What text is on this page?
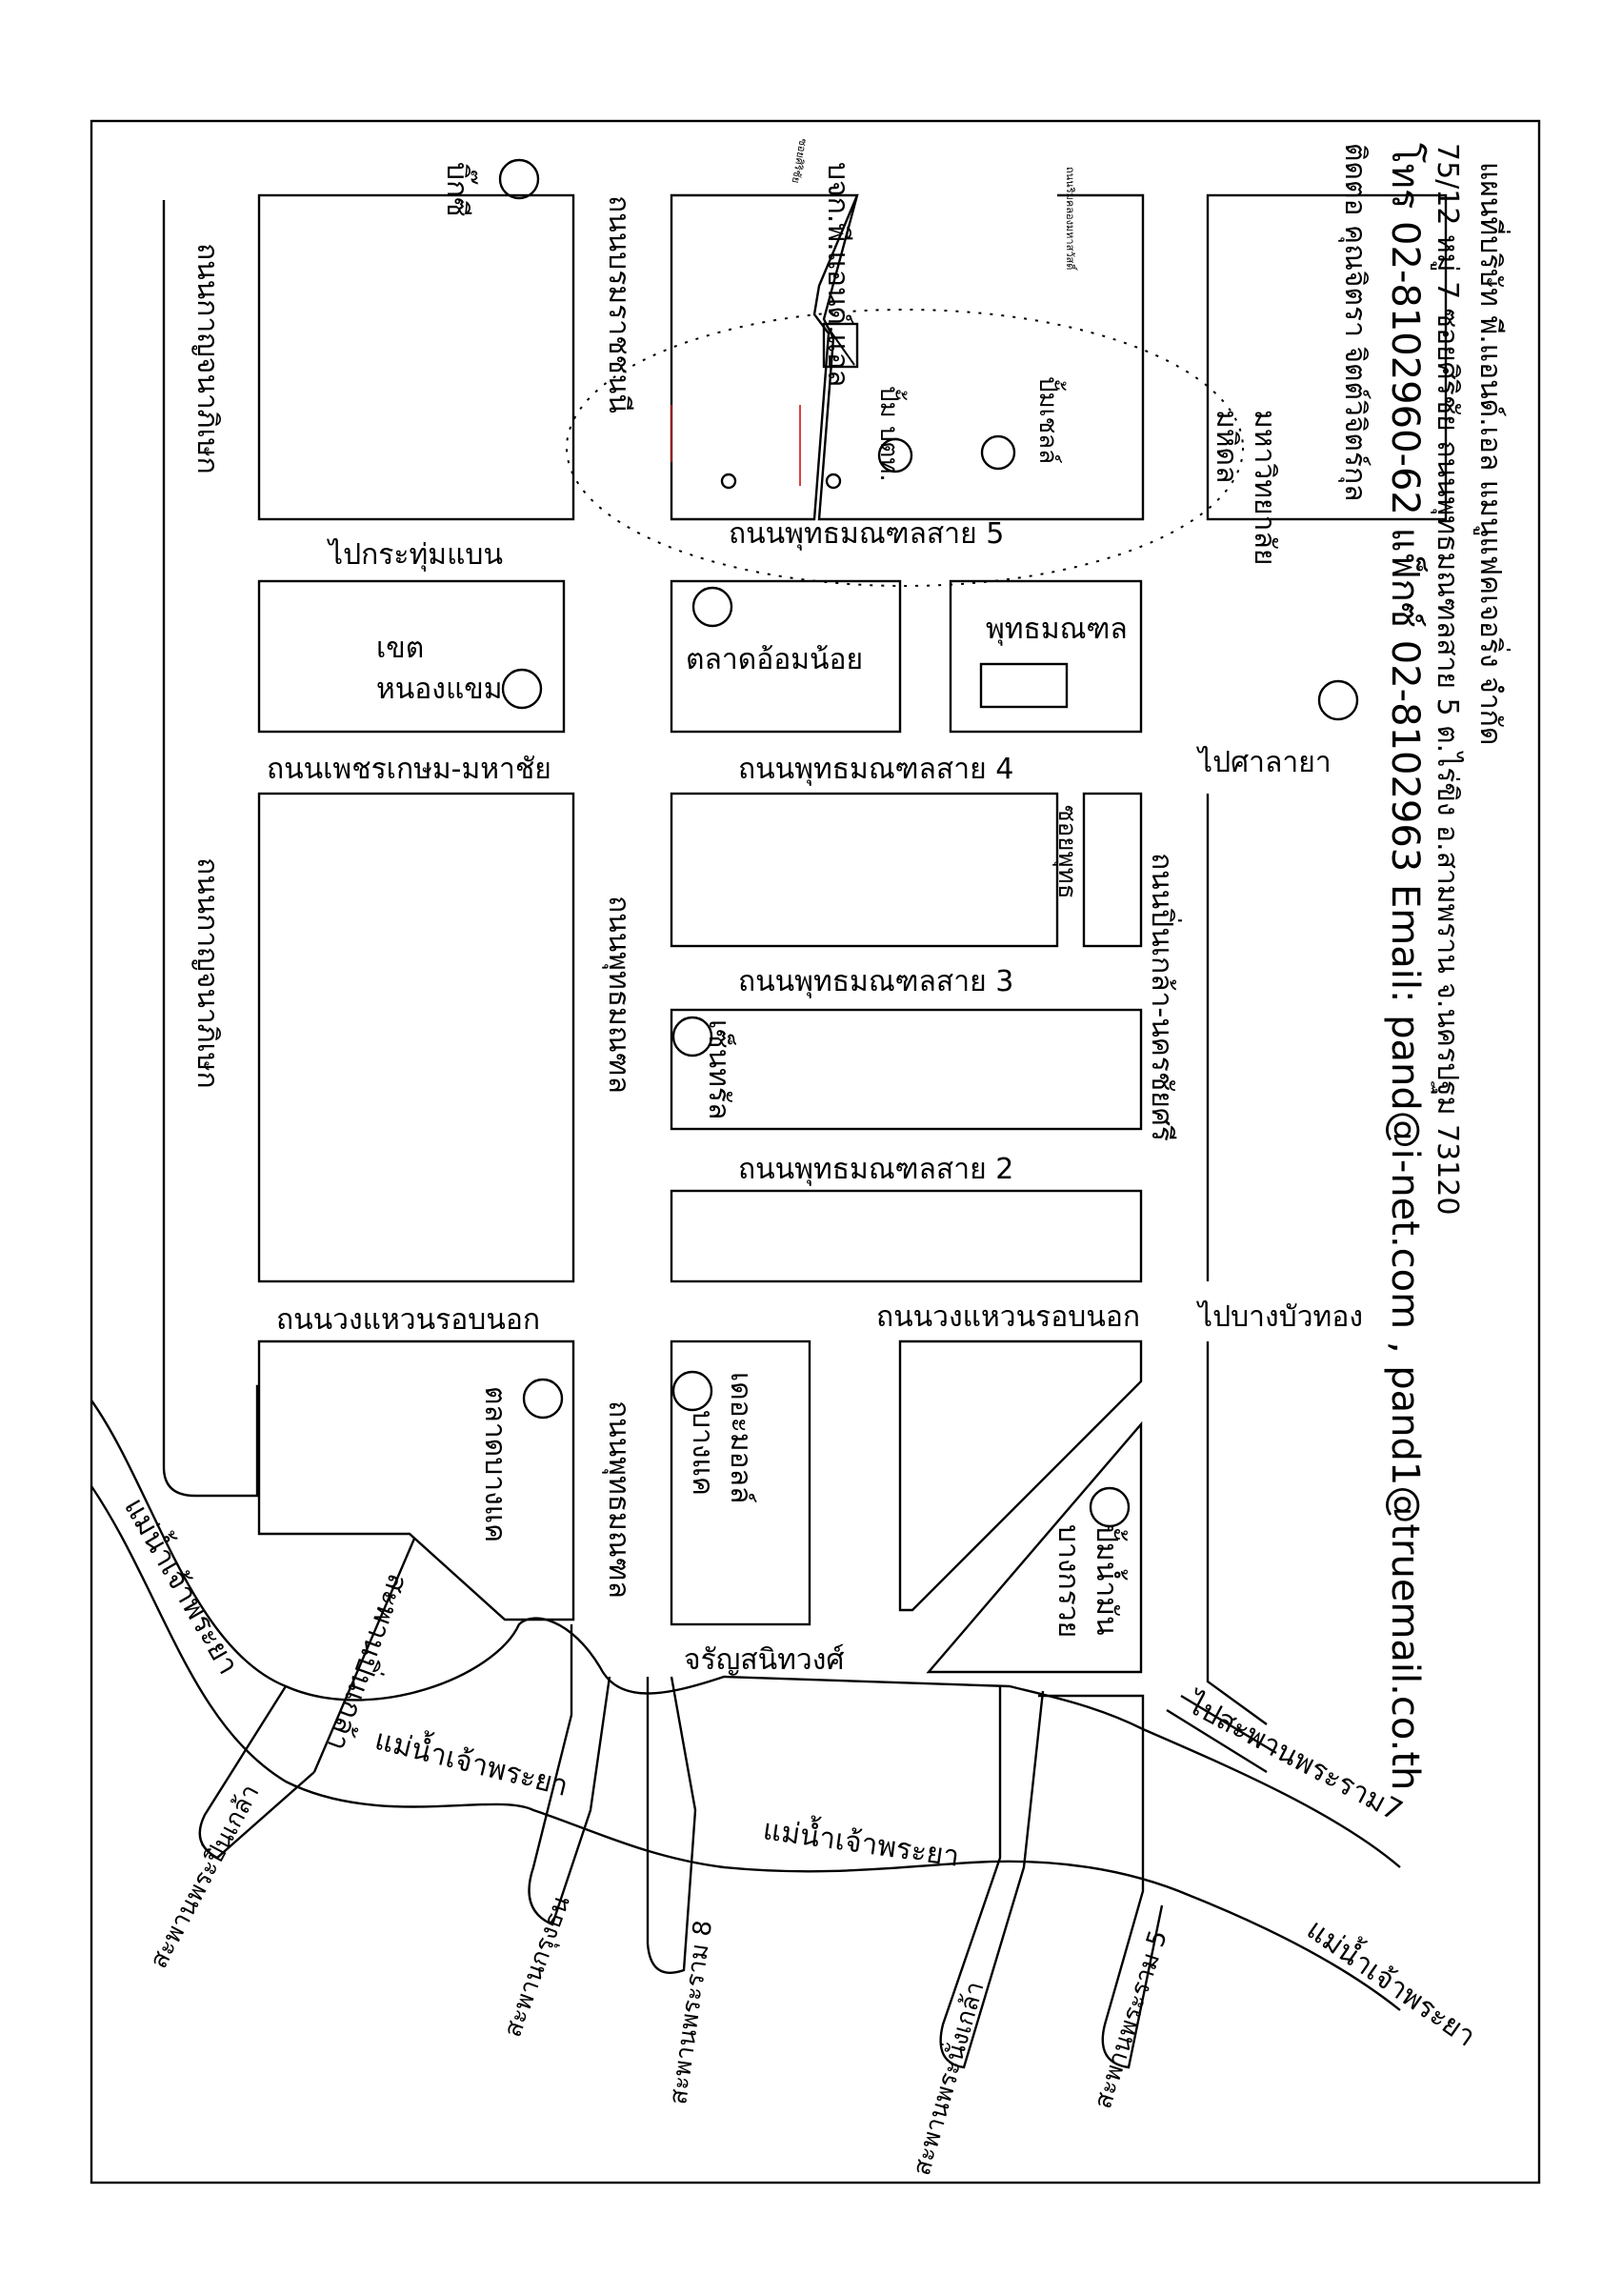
ถนนพุทธมณฑลสาย 5
ไปกระทุ่มแบน
ถนนเพชรเกษม-มหาชัย	ถนนพุทธมณฑลสาย 4	ไปศาลายา
ถนนพุทธมณฑลสาย 3
ถนนพุทธมณฑลสาย 2
ถนนวงแหวนรอบนอก	ถนนวงแหวนรอบนอก ไปบางบัวทอง
จรัญสนิทวงศ์
ตลาดอ้อมน้อย
พุทธมณฑล
เขต
หนองแขม
ไปสะพานพระราม7
แม่น้ำเจ้าพระยา
แม่น้ำเจ้าพระยา
แม่น้ำเจ้าพระยา
แม่น้ำเจ้าพระยา
ถนนกาญจนาภิเษก
ถนนกาญจนาภิเษก	ถนนพุทธมณฑล
ถนนพุทธมณฑล
ถนนบรมราชชนนี
ถนนปิ่นเกล้า-นครชัยศรี
บิ๊กซี
เซ็นทรัล
ตลาดบางแค	เดอะมอลล์
บางแค
สะพานปิ่นเกล้า	ปั้มน้ำมัน
บางกรวย
ซอยพุทธ
บจก.พี.แอนด์.แอล
มหาวิทยาลัย
มหิดล
ปั้ม ปตท.	ปั้มเชลล์
ซอยศิริชัย
ถนนริมคลองมหาสวัสดิ์
สะพานพระปิ่นเกล้า	สะพานกรุงธน	สะพานพระราม 8	สะพานพระนั่งเกล้า	สะพานพระราม 5
แผนที่บริษัท พี.แอนด์.เอล แมนูแฟคเจอริ่ง จำกัด
75/12 หมู่ 7 ซอยศิริชัย ถนนพุทธมณฑลสาย 5 ต.ไร่ขิง อ.สามพราน จ.นครปฐม 73120
โทร 02-8102960-62 แฟ็กซ์ 02-8102963 Email: pand@i-net.com , pand1@truemail.co.th
ติดต่อ คุณจิตรา จิตต์วิจิตร์กุล
